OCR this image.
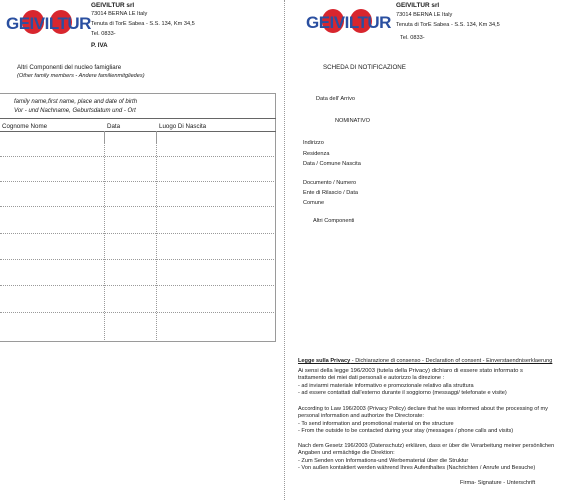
GEIVILTUR
GEIVILTUR srl
73014 BERNA LE Italy
Tenuta di TorE Sabea - S.S. 134, Km 34,5
Tel. 0833-
P. IVA
Altri Componenti del nucleo famigliare
(Other family members - Andere familienmitgliedes)
family name,first name, place and date of birth
Vor - und Nachname, Geburtsdatum und - Ort
Cognome Nome	Data	Luogo Di Nascita
GEIVILTUR
GEIVILTUR srl
73014 BERNA LE Italy
Tenuta di TorE Sabea - S.S. 134, Km 34,5
Tel. 0833-
SCHEDA DI NOTIFICAZIONE
Data dell' Arrivo
NOMINATIVO
Indirizzo
Residenza
Data / Comune Nascita
Documento / Numero
Ente di Rilascio / Data
Comune
Altri Componenti
Legge sulla Privacy - Dichiarazione di consenso - Declaration of consent - Einverstaendniserklaerung
Ai sensi della legge 196/2003 (tutela della Privacy) dichiaro di essere stato informato s
trattamento dei miei dati personali e autorizzo la direzione :
- ad inviarmi materiale informativo e promozionale relativo alla struttura
- ad essere contattati dall'esterno durante il soggiorno (messaggi/ telefonate e visite)
According to Law 196/2003 (Privacy Policy) declare that he was informed about the processing of my
personal information and authorize the Directorate:
- To send information and promotional material on the structure
- From the outside to be contacted during your stay (messages / phone calls and visits)
Nach dem Gesetz 196/2003 (Datenschutz) erklären, dass er über die Verarbeitung meiner persönlichen
Angaben und ermächtige die Direktion:
- Zum Senden von Informations-und Werbematerial über die Struktur
- Von außen kontaktiert werden während Ihres Aufenthaltes (Nachrichten / Anrufe und Besuche)
Firma- Signature - Unterschrift
